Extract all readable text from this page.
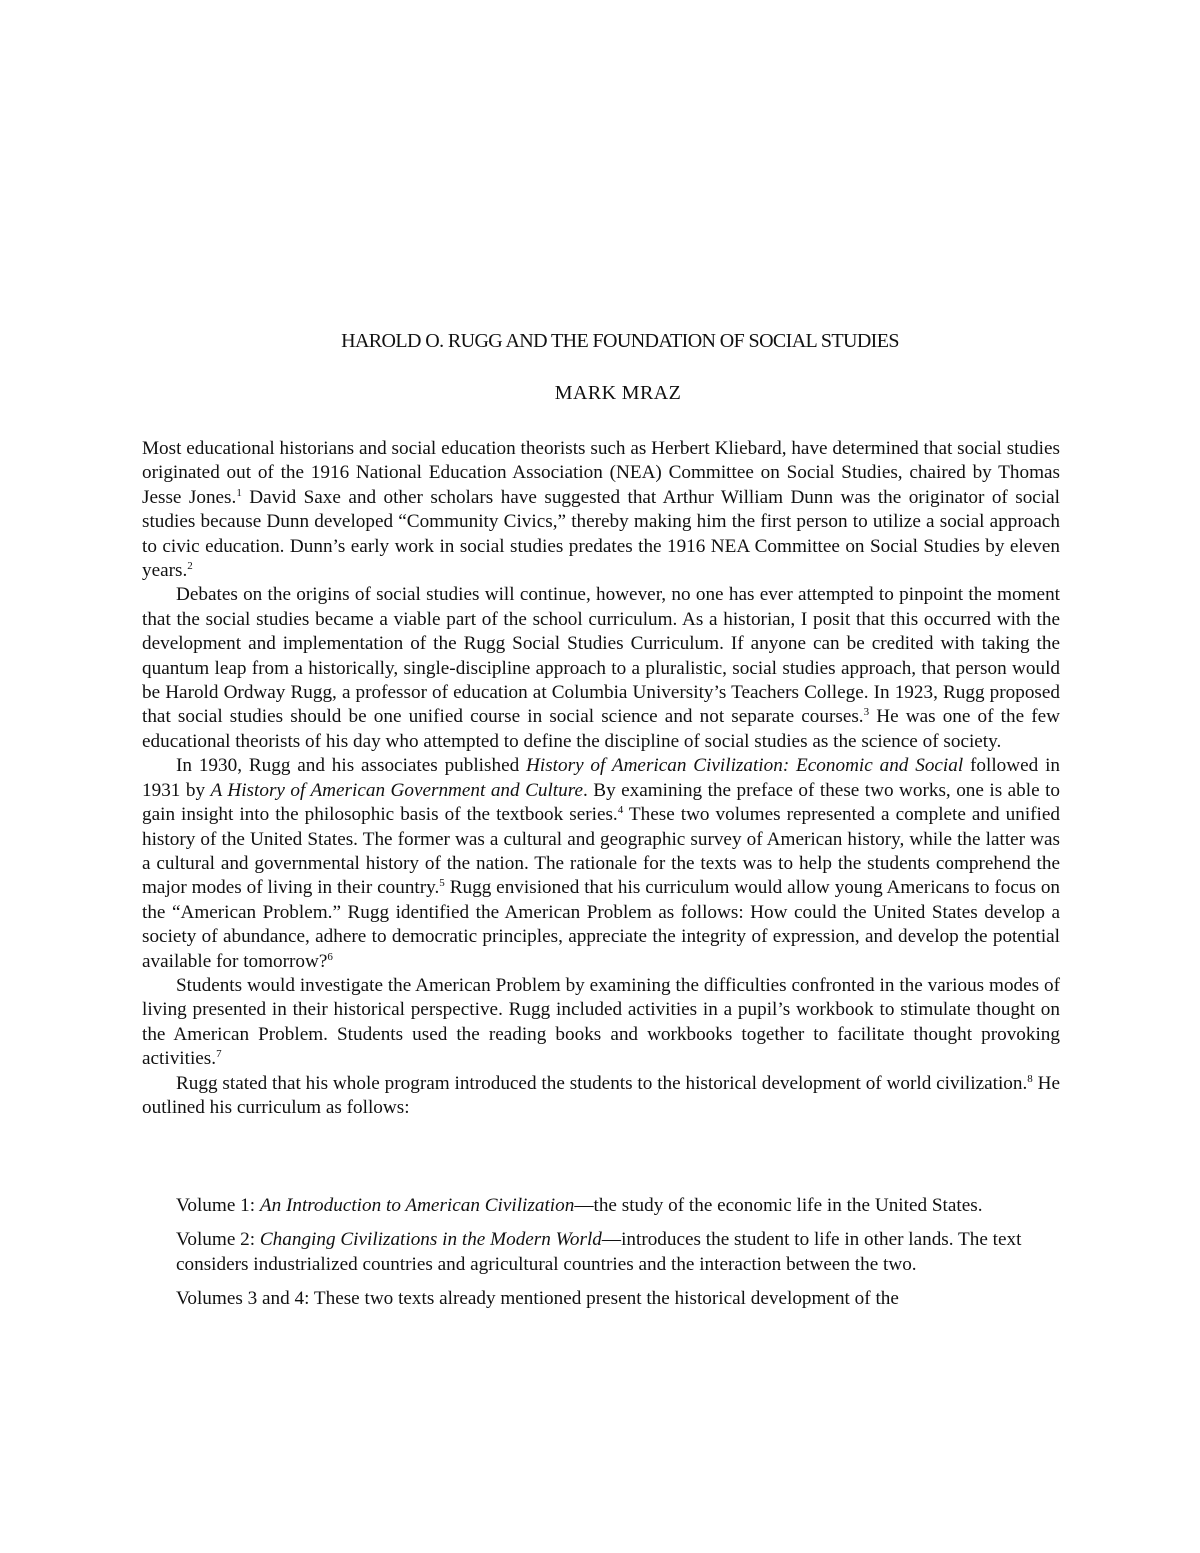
HAROLD O. RUGG AND THE FOUNDATION OF SOCIAL STUDIES
MARK MRAZ

Most educational historians and social education theorists such as Herbert Kliebard, have determined that social studies originated out of the 1916 National Education Association (NEA) Committee on Social Studies, chaired by Thomas Jesse Jones.$^1$ David Saxe and other scholars have suggested that Arthur William Dunn was the originator of social studies because Dunn developed “Community Civics,” thereby making him the first person to utilize a social approach to civic education. Dunn’s early work in social studies predates the 1916 NEA Committee on Social Studies by eleven years.$^2$

Debates on the origins of social studies will continue, however, no one has ever attempted to pinpoint the moment that the social studies became a viable part of the school curriculum. As a historian, I posit that this occurred with the development and implementation of the Rugg Social Studies Curriculum. If anyone can be credited with taking the quantum leap from a historically, single-discipline approach to a pluralistic, social studies approach, that person would be Harold Ordway Rugg, a professor of education at Columbia University’s Teachers College. In 1923, Rugg proposed that social studies should be one unified course in social science and not separate courses.$^3$ He was one of the few educational theorists of his day who attempted to define the discipline of social studies as the science of society.

In 1930, Rugg and his associates published History of American Civilization: Economic and Social followed in 1931 by A History of American Government and Culture. By examining the preface of these two works, one is able to gain insight into the philosophic basis of the textbook series.$^4$ These two volumes represented a complete and unified history of the United States. The former was a cultural and geographic survey of American history, while the latter was a cultural and governmental history of the nation. The rationale for the texts was to help the students comprehend the major modes of living in their country.$^5$ Rugg envisioned that his curriculum would allow young Americans to focus on the “American Problem.” Rugg identified the American Problem as follows: How could the United States develop a society of abundance, adhere to democratic principles, appreciate the integrity of expression, and develop the potential available for tomorrow?$^6$

Students would investigate the American Problem by examining the difficulties confronted in the various modes of living presented in their historical perspective. Rugg included activities in a pupil’s workbook to stimulate thought on the American Problem. Students used the reading books and workbooks together to facilitate thought provoking activities.$^7$

Rugg stated that his whole program introduced the students to the historical development of world civilization.$^8$ He outlined his curriculum as follows:

Volume 1: An Introduction to American Civilization—the study of the economic life in the United States.

Volume 2: Changing Civilizations in the Modern World—introduces the student to life in other lands. The text considers industrialized countries and agricultural countries and the interaction between the two.

Volumes 3 and 4: These two texts already mentioned present the historical development of the
